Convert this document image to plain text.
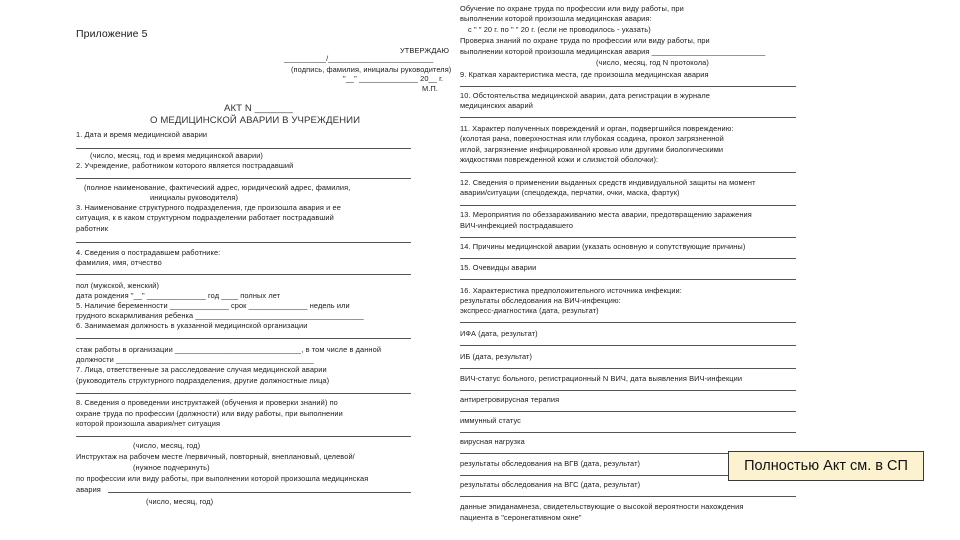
Приложение 5
УТВЕРЖДАЮ
__________/_________________________
(подпись, фамилия, инициалы руководителя)
"__" ______________ 20__ г.
М.П.
АКТ N _______
О МЕДИЦИНСКОЙ АВАРИИ В УЧРЕЖДЕНИИ
1. Дата и время медицинской аварии
(число, месяц, год и время медицинской аварии)
2. Учреждение, работником которого является пострадавший
(полное наименование, фактический адрес, юридический адрес, фамилия,
инициалы руководителя)
3. Наименование структурного подразделения, где произошла авария и ее
ситуация, к в каком структурном подразделении работает пострадавший
работник
4. Сведения о пострадавшем работнике:
фамилия, имя, отчество
пол (мужской, женский)
дата рождения "__" ______________ год ____ полных лет
5. Наличие беременности ______________ срок ______________ недель или
грудного вскармливания ребенка ________________________________________
6. Занимаемая должность в указанной медицинской организации
стаж работы в организации ______________________________, в том числе в данной
должности _______________________________________________
7. Лица, ответственные за расследование случая медицинской аварии
(руководитель структурного подразделения, другие должностные лица)
8. Сведения о проведении инструктажей (обучения и проверки знаний) по
охране труда по профессии (должности) или виду работы, при выполнении
которой произошла авария/нет ситуация
(число, месяц, год)
Инструктаж на рабочем месте /первичный, повторный, внеплановый, целевой/
(нужное подчеркнуть)
по профессии или виду работы, при выполнении которой произошла медицинская
авария
(число, месяц, год)
Обучение по охране труда по профессии или виду работы, при
выполнении которой произошла медицинская авария:
с " " 20 г. по " " 20 г. (если не проводилось - указать)
Проверка знаний по охране труда по профессии или виду работы, при
выполнении которой произошла медицинская авария ___________________________
(число, месяц, год N протокола)
9. Краткая характеристика места, где произошла медицинская авария
10. Обстоятельства медицинской аварии, дата регистрации в журнале
медицинских аварий
11. Характер полученных повреждений и орган, подвергшийся повреждению:
(колотая рана, поверхностная или глубокая ссадина, прокол загрязненной
иглой, загрязнение инфицированной кровью или другими биологическими
жидкостями поврежденной кожи и слизистой оболочки):
12. Сведения о применении выданных средств индивидуальной защиты на момент
аварии/ситуации (спецодежда, перчатки, очки, маска, фартук)
13. Мероприятия по обеззараживанию места аварии, предотвращению заражения
ВИЧ-инфекцией пострадавшего
14. Причины медицинской аварии (указать основную и сопутствующие причины)
15. Очевидцы аварии
16. Характеристика предположительного источника инфекции:
результаты обследования на ВИЧ-инфекцию:
экспресс-диагностика (дата, результат)
ИФА (дата, результат)
ИБ (дата, результат)
ВИЧ-статус больного, регистрационный N ВИЧ, дата выявления ВИЧ-инфекции
антиретровирусная терапия
иммунный статус
вирусная нагрузка
результаты обследования на ВГВ (дата, результат)
результаты обследования на ВГС (дата, результат)
данные эпиданамнеза, свидетельствующие о высокой вероятности нахождения
пациента в "серонегативном окне"
Полностью Акт см. в СП
